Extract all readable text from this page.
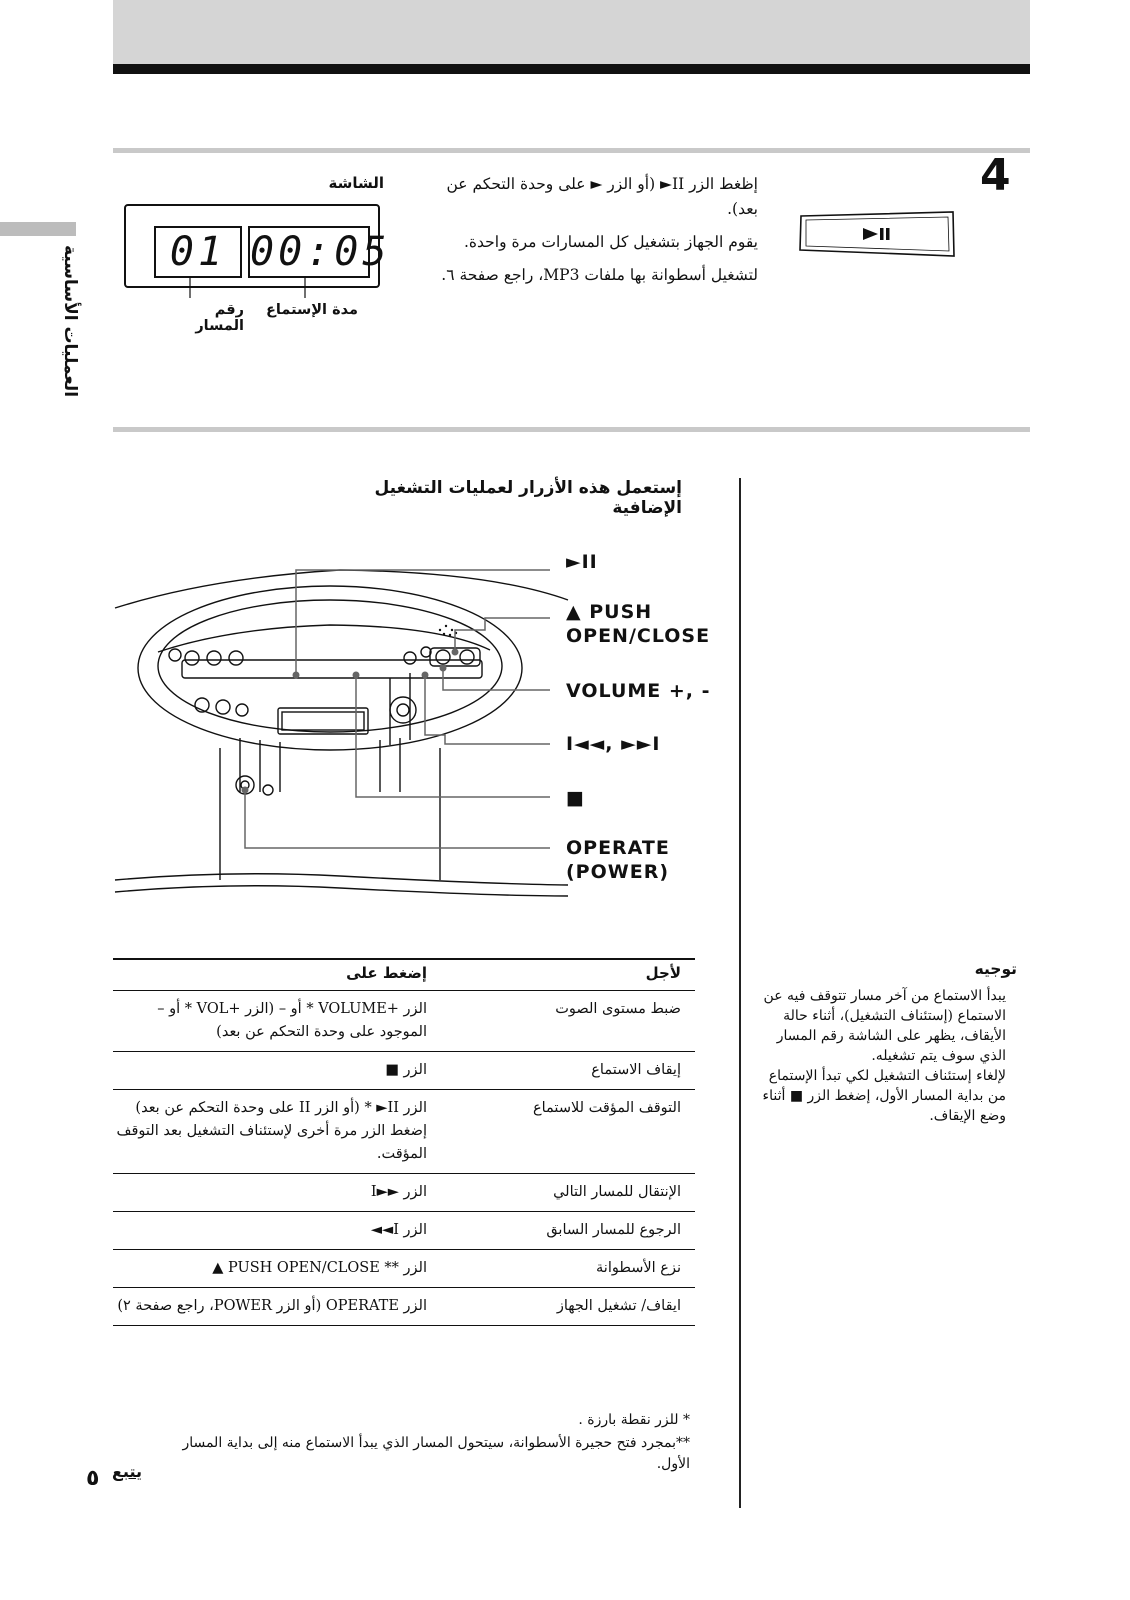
العمليات الأساسية
4

إظغط الزر II► (أو الزر ► على وحدة التحكم عن بعد).

يقوم الجهاز بتشغيل كل المسارات مرة واحدة.

لتشغيل أسطوانة بها ملفات MP3، راجع صفحة ٦.

الشاشة
01 00:05
رقم المسار
مدة الإستماع
إستعمل هذه الأزرار لعمليات التشغيل الإضافية
►II
▲ PUSH
OPEN/CLOSE
VOLUME +, -
I◄◄, ►►I
■
OPERATE
(POWER)
توجيه

يبدأ الاستماع من آخر مسار تتوقف فيه عن الاستماع (إستئناف التشغيل)، أثناء حالة الأيقاف، يظهر على الشاشة رقم المسار الذي سوف يتم تشغيله.

لإلغاء إستئناف التشغيل لكي تبدأ الإستماع من بداية المسار الأول، إضغط الزر ■ أثناء وضع الإيقاف.

لأجل	إضغط على
ضبط مستوى الصوت	الزر +VOLUME * أو – (الزر +VOL * أو – الموجود على وحدة التحكم عن بعد)
إيقاف الاستماع	الزر ■
التوقف المؤقت للاستماع	الزر II► * (أو الزر II على وحدة التحكم عن بعد) إضغط الزر مرة أخرى لإستئناف التشغيل بعد التوقف المؤقت.
الإنتقال للمسار التالي	الزر ►►I
الرجوع للمسار السابق	الزر I◄◄
نزع الأسطوانة	الزر ** PUSH OPEN/CLOSE ▲
ايقاف/ تشغيل الجهاز	الزر OPERATE (أو الزر POWER، راجع صفحة ٢)

* للزر نقطة بارزة .

**بمجرد فتح حجيرة الأسطوانة، سيتحول المسار الذي يبدأ الاستماع منه إلى بداية المسار الأول.

يتبع
٥
